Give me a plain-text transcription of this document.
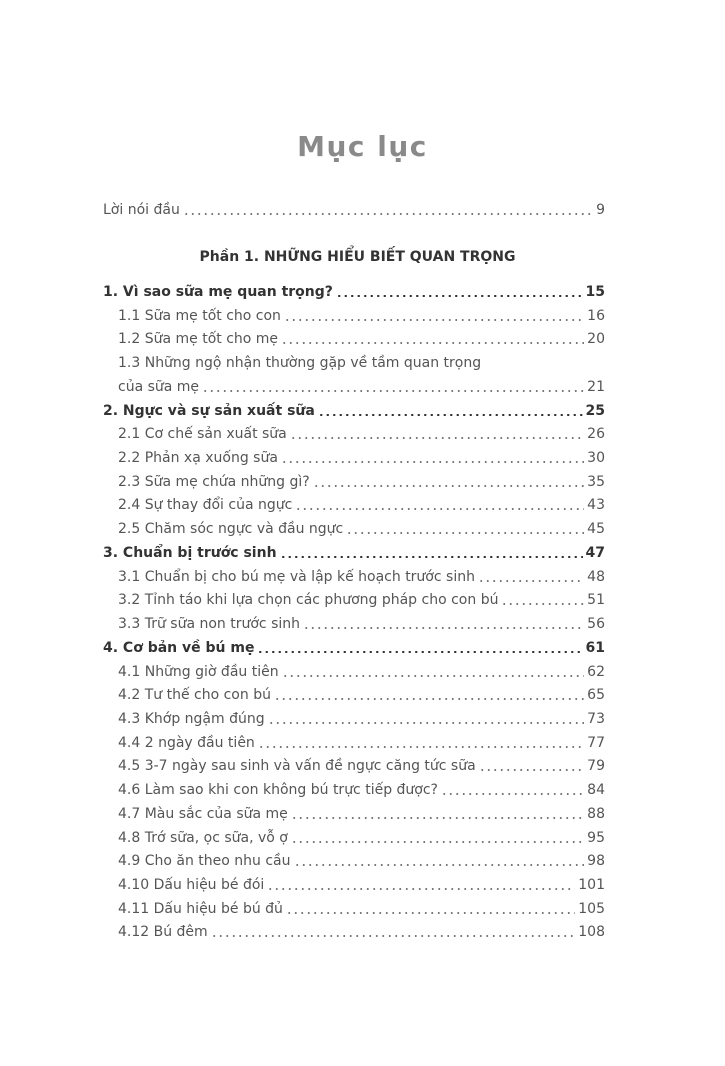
Mục lục
Lời nói đầu	9
Phần 1. NHỮNG HIỂU BIẾT QUAN TRỌNG
1. Vì sao sữa mẹ quan trọng?	15
1.1 Sữa mẹ tốt cho con	16
1.2 Sữa mẹ tốt cho mẹ	20
1.3 Những ngộ nhận thường gặp về tầm quan trọng
của sữa mẹ	21
2. Ngực và sự sản xuất sữa	25
2.1 Cơ chế sản xuất sữa	26
2.2 Phản xạ xuống sữa	30
2.3 Sữa mẹ chứa những gì?	35
2.4 Sự thay đổi của ngực	43
2.5 Chăm sóc ngực và đầu ngực	45
3. Chuẩn bị trước sinh	47
3.1 Chuẩn bị cho bú mẹ và lập kế hoạch trước sinh	48
3.2 Tỉnh táo khi lựa chọn các phương pháp cho con bú	51
3.3 Trữ sữa non trước sinh	56
4. Cơ bản về bú mẹ	61
4.1 Những giờ đầu tiên	62
4.2 Tư thế cho con bú	65
4.3 Khớp ngậm đúng	73
4.4 2 ngày đầu tiên	77
4.5 3-7 ngày sau sinh và vấn đề ngực căng tức sữa	79
4.6 Làm sao khi con không bú trực tiếp được?	84
4.7 Màu sắc của sữa mẹ	88
4.8 Trớ sữa, ọc sữa, vỗ ợ	95
4.9 Cho ăn theo nhu cầu	98
4.10 Dấu hiệu bé đói	101
4.11 Dấu hiệu bé bú đủ	105
4.12 Bú đêm	108
